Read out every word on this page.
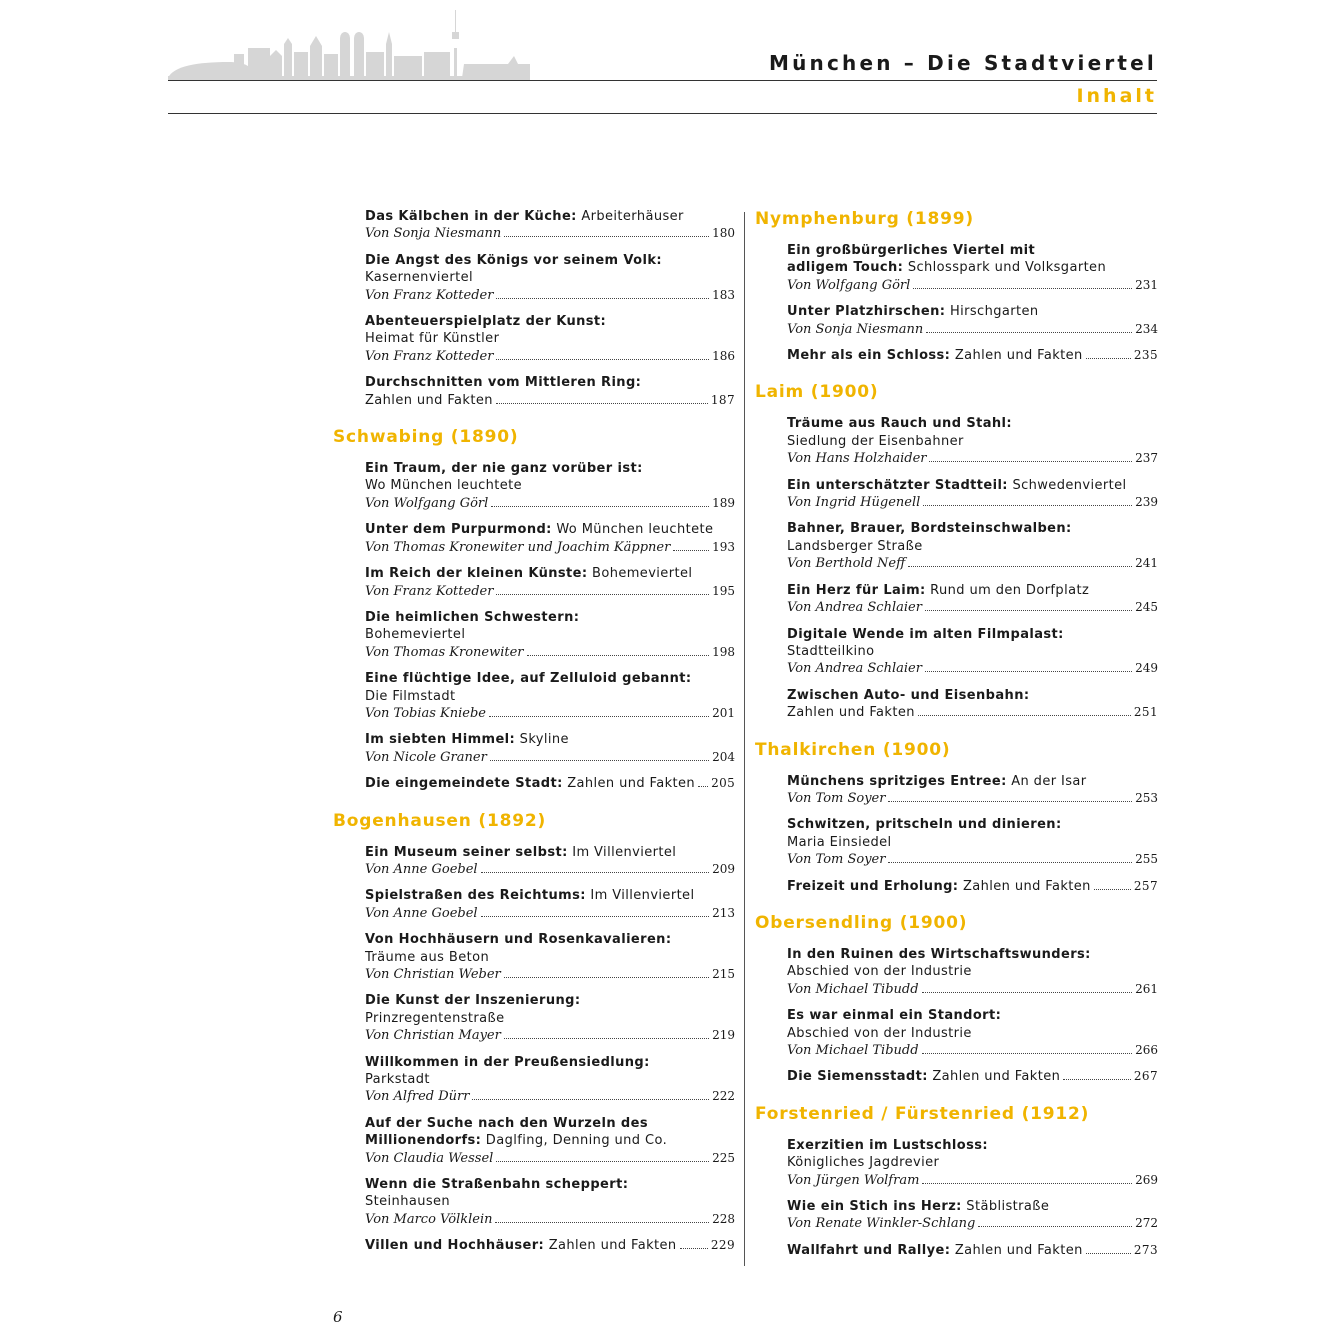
München – Die Stadtviertel
Inhalt
Das Kälbchen in der Küche: Arbeiterhäuser
Von Sonja Niesmann	180
Die Angst des Königs vor seinem Volk:
Kasernenviertel
Von Franz Kotteder	183
Abenteuerspielplatz der Kunst:
Heimat für Künstler
Von Franz Kotteder	186
Durchschnitten vom Mittleren Ring:
Zahlen und Fakten	187
Schwabing (1890)
Ein Traum, der nie ganz vorüber ist:
Wo München leuchtete
Von Wolfgang Görl	189
Unter dem Purpurmond: Wo München leuchtete
Von Thomas Kronewiter und Joachim Käppner	193
Im Reich der kleinen Künste: Bohemeviertel
Von Franz Kotteder	195
Die heimlichen Schwestern:
Bohemeviertel
Von Thomas Kronewiter	198
Eine flüchtige Idee, auf Zelluloid gebannt:
Die Filmstadt
Von Tobias Kniebe	201
Im siebten Himmel: Skyline
Von Nicole Graner	204
Die eingemeindete Stadt: Zahlen und Fakten 205
Bogenhausen (1892)
Ein Museum seiner selbst: Im Villenviertel
Von Anne Goebel	209
Spielstraßen des Reichtums: Im Villenviertel
Von Anne Goebel	213
Von Hochhäusern und Rosenkavalieren:
Träume aus Beton
Von Christian Weber	215
Die Kunst der Inszenierung:
Prinzregentenstraße
Von Christian Mayer	219
Willkommen in der Preußensiedlung:
Parkstadt
Von Alfred Dürr	222
Auf der Suche nach den Wurzeln des
Millionendorfs: Daglfing, Denning und Co.
Von Claudia Wessel	225
Wenn die Straßenbahn scheppert:
Steinhausen
Von Marco Völklein	228
Villen und Hochhäuser: Zahlen und Fakten	229
Nymphenburg (1899)
Ein großbürgerliches Viertel mit
adligem Touch: Schlosspark und Volksgarten
Von Wolfgang Görl	231
Unter Platzhirschen: Hirschgarten
Von Sonja Niesmann	234
Mehr als ein Schloss: Zahlen und Fakten	235
Laim (1900)
Träume aus Rauch und Stahl:
Siedlung der Eisenbahner
Von Hans Holzhaider	237
Ein unterschätzter Stadtteil: Schwedenviertel
Von Ingrid Hügenell	239
Bahner, Brauer, Bordsteinschwalben:
Landsberger Straße
Von Berthold Neff	241
Ein Herz für Laim: Rund um den Dorfplatz
Von Andrea Schlaier	245
Digitale Wende im alten Filmpalast:
Stadtteilkino
Von Andrea Schlaier	249
Zwischen Auto- und Eisenbahn:
Zahlen und Fakten	251
Thalkirchen (1900)
Münchens spritziges Entree: An der Isar
Von Tom Soyer	253
Schwitzen, pritscheln und dinieren:
Maria Einsiedel
Von Tom Soyer	255
Freizeit und Erholung: Zahlen und Fakten	257
Obersendling (1900)
In den Ruinen des Wirtschaftswunders:
Abschied von der Industrie
Von Michael Tibudd	261
Es war einmal ein Standort:
Abschied von der Industrie
Von Michael Tibudd	266
Die Siemensstadt: Zahlen und Fakten	267
Forstenried / Fürstenried (1912)
Exerzitien im Lustschloss:
Königliches Jagdrevier
Von Jürgen Wolfram	269
Wie ein Stich ins Herz: Stäblistraße
Von Renate Winkler-Schlang	272
Wallfahrt und Rallye: Zahlen und Fakten	273
6
